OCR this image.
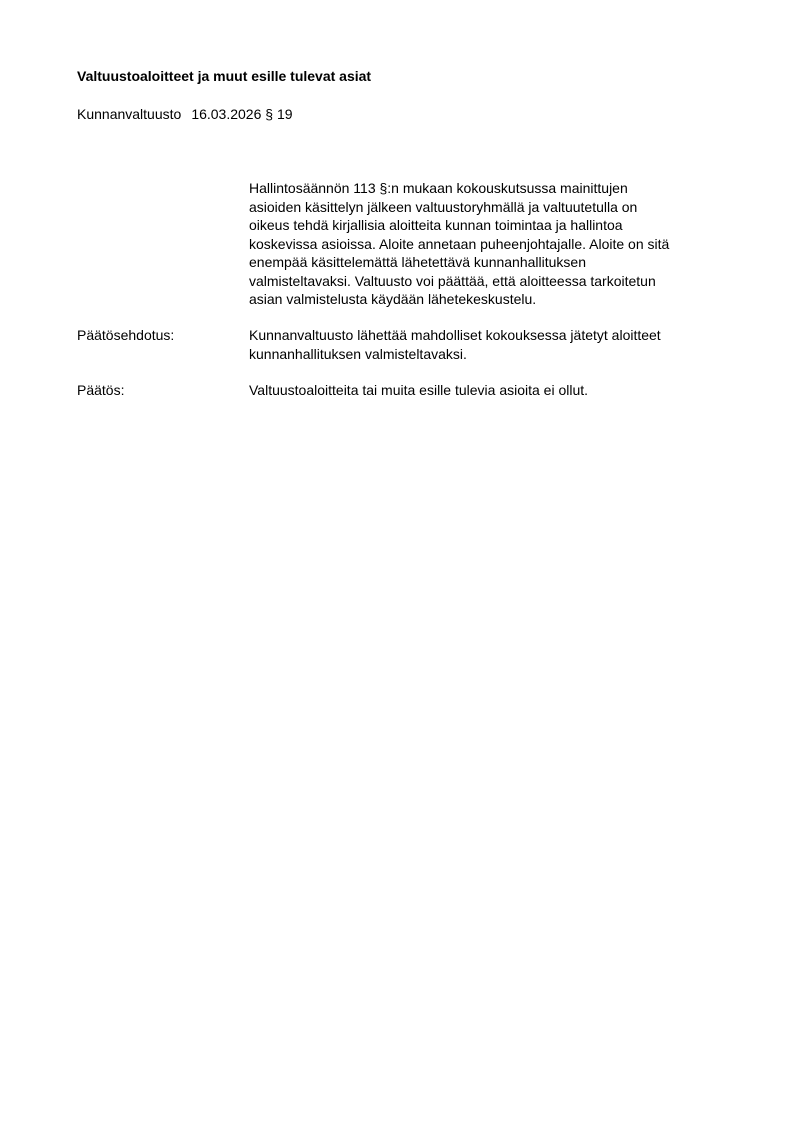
Valtuustoaloitteet ja muut esille tulevat asiat
Kunnanvaltuusto 16.03.2026 § 19
Hallintosäännön 113 §:n mukaan kokouskutsussa mainittujen
asioiden käsittelyn jälkeen valtuustoryhmällä ja valtuutetulla on
oikeus tehdä kirjallisia aloitteita kunnan toimintaa ja hallintoa
koskevissa asioissa. Aloite annetaan puheenjohtajalle. Aloite on sitä
enempää käsittelemättä lähetettävä kunnanhallituksen
valmisteltavaksi. Valtuusto voi päättää, että aloitteessa tarkoitetun
asian valmistelusta käydään lähetekeskustelu.
Päätösehdotus:	Kunnanvaltuusto lähettää mahdolliset kokouksessa jätetyt aloitteet
kunnanhallituksen valmisteltavaksi.
Päätös:	Valtuustoaloitteita tai muita esille tulevia asioita ei ollut.
